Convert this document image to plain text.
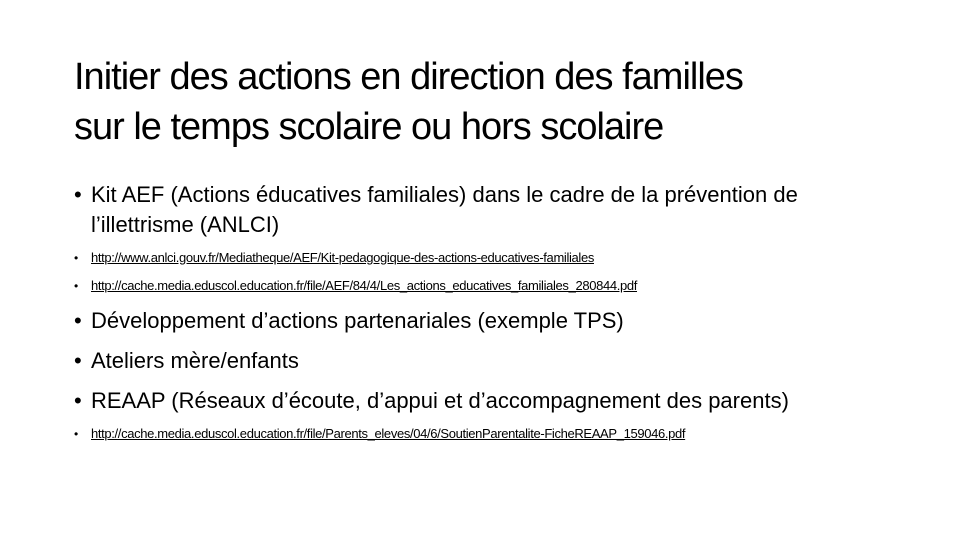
Initier des actions en direction des familles
sur le temps scolaire ou hors scolaire
• Kit AEF (Actions éducatives familiales) dans le cadre de la prévention de l’illettrisme (ANLCI)
• http://www.anlci.gouv.fr/Mediatheque/AEF/Kit-pedagogique-des-actions-educatives-familiales
• http://cache.media.eduscol.education.fr/file/AEF/84/4/Les_actions_educatives_familiales_280844.pdf
• Développement d’actions partenariales (exemple TPS)
• Ateliers mère/enfants
• REAAP (Réseaux d’écoute, d’appui et d’accompagnement des parents)
• http://cache.media.eduscol.education.fr/file/Parents_eleves/04/6/SoutienParentalite-FicheREAAP_159046.pdf
